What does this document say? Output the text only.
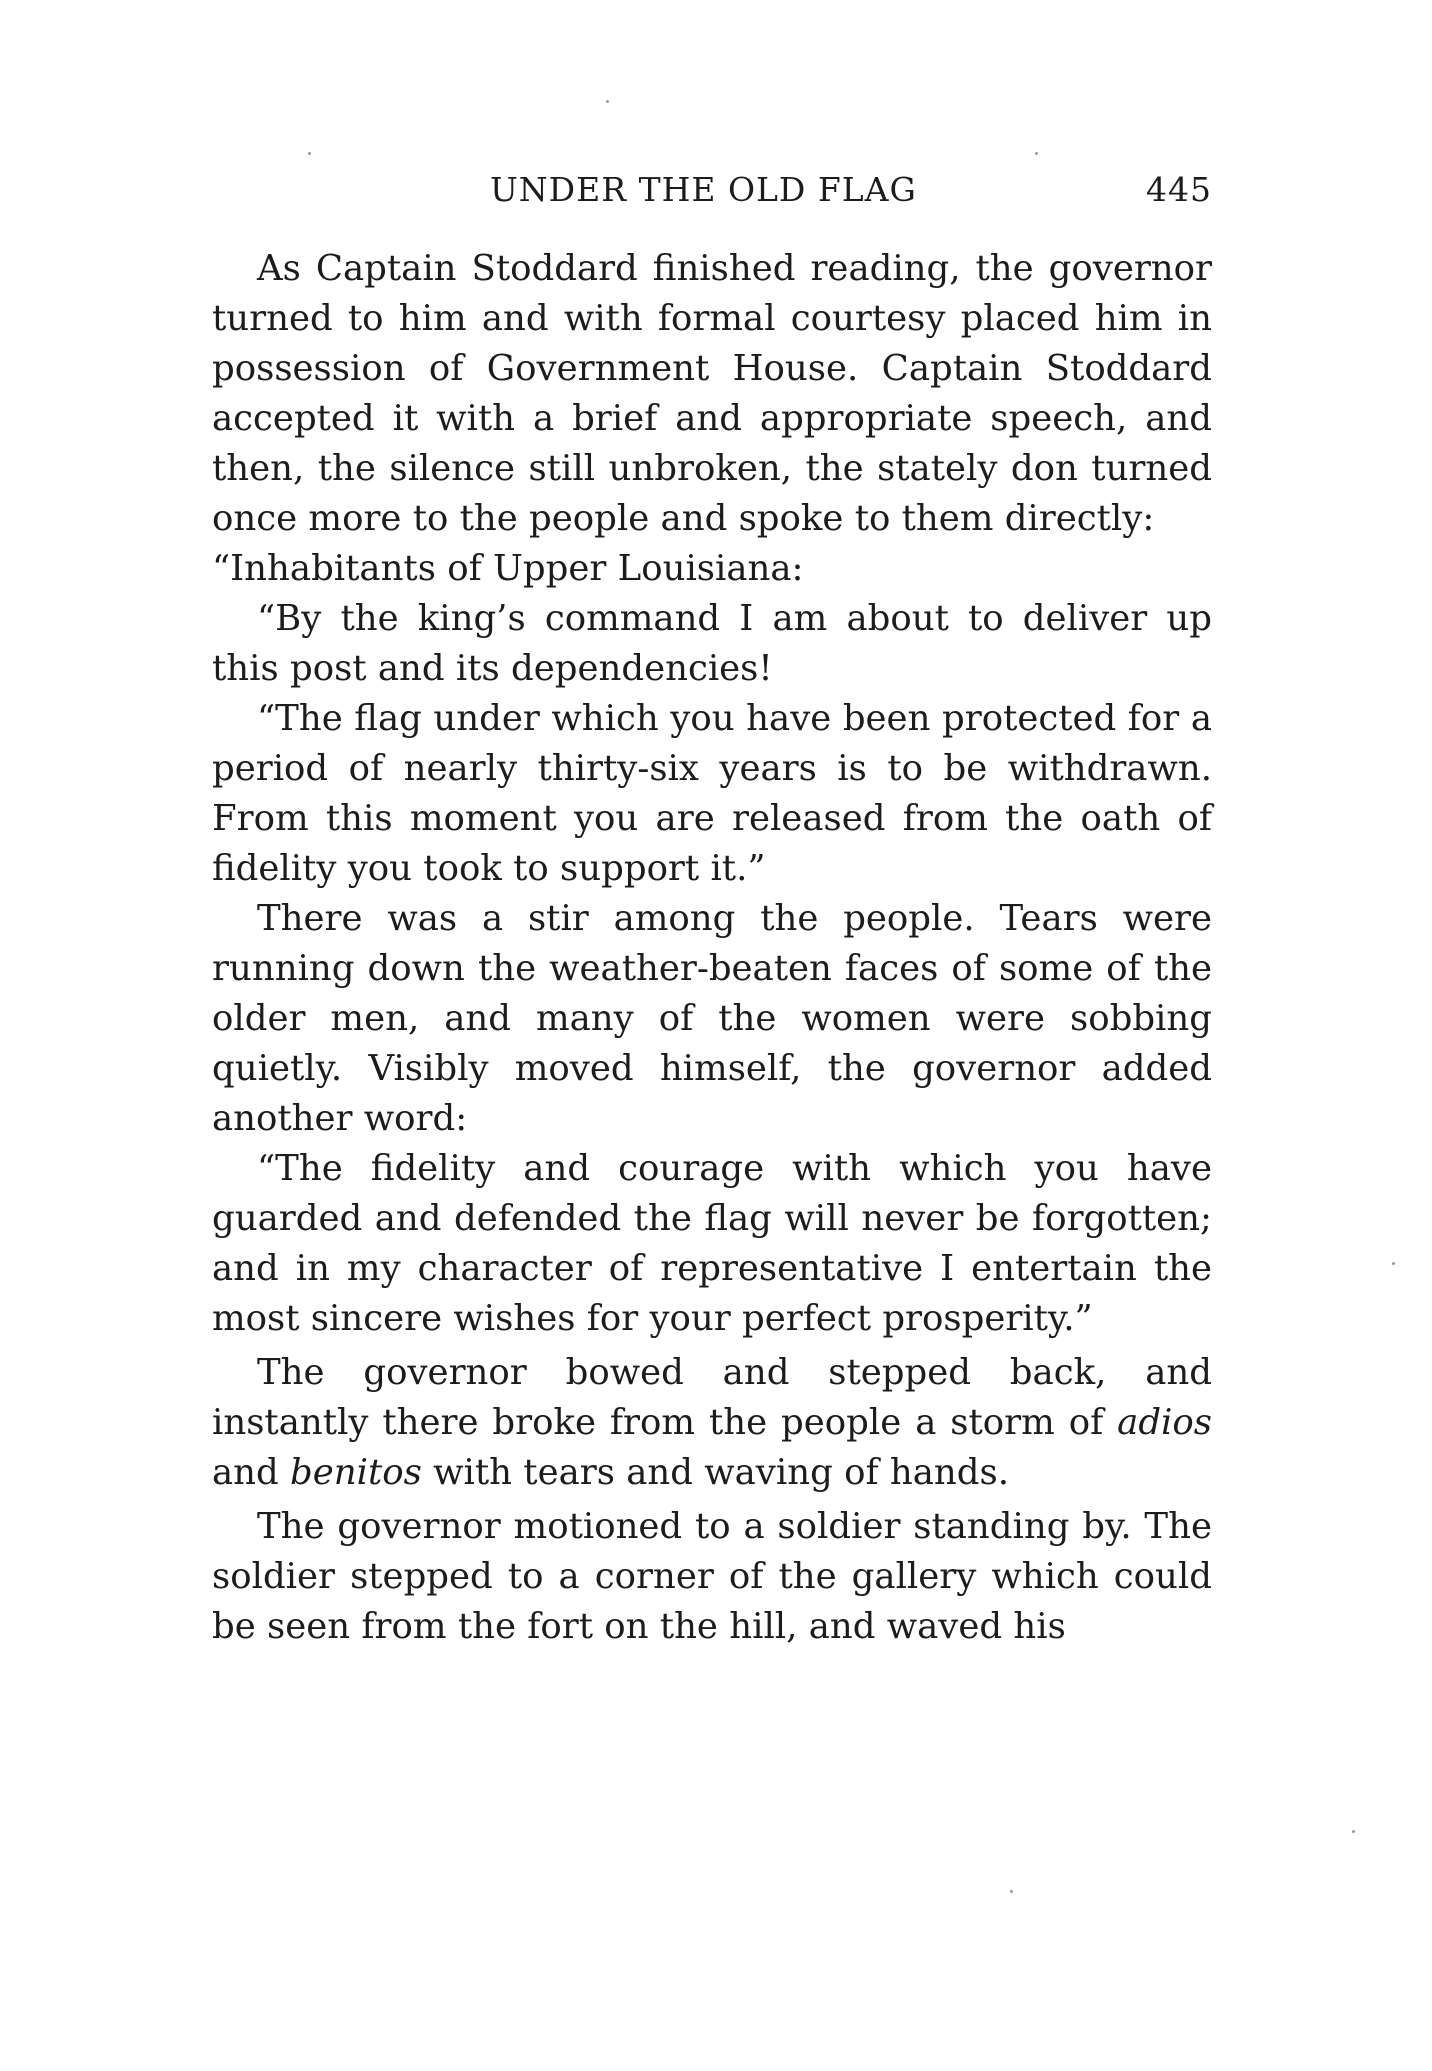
UNDER THE OLD FLAG	445

As Captain Stoddard finished reading, the governor turned to him and with formal courtesy placed him in possession of Government House. Captain Stoddard accepted it with a brief and appropriate speech, and then, the silence still unbroken, the stately don turned once more to the people and spoke to them directly:

“Inhabitants of Upper Louisiana:

“By the king’s command I am about to deliver up this post and its dependencies!

“The flag under which you have been protected for a period of nearly thirty-six years is to be withdrawn. From this moment you are released from the oath of fidelity you took to support it.”

There was a stir among the people. Tears were running down the weather-beaten faces of some of the older men, and many of the women were sobbing quietly. Visibly moved himself, the governor added another word:

“The fidelity and courage with which you have guarded and defended the flag will never be forgotten; and in my character of representative I entertain the most sincere wishes for your perfect prosperity.”

The governor bowed and stepped back, and instantly there broke from the people a storm of adios and benitos with tears and waving of hands.

The governor motioned to a soldier standing by. The soldier stepped to a corner of the gallery which could be seen from the fort on the hill, and waved his
